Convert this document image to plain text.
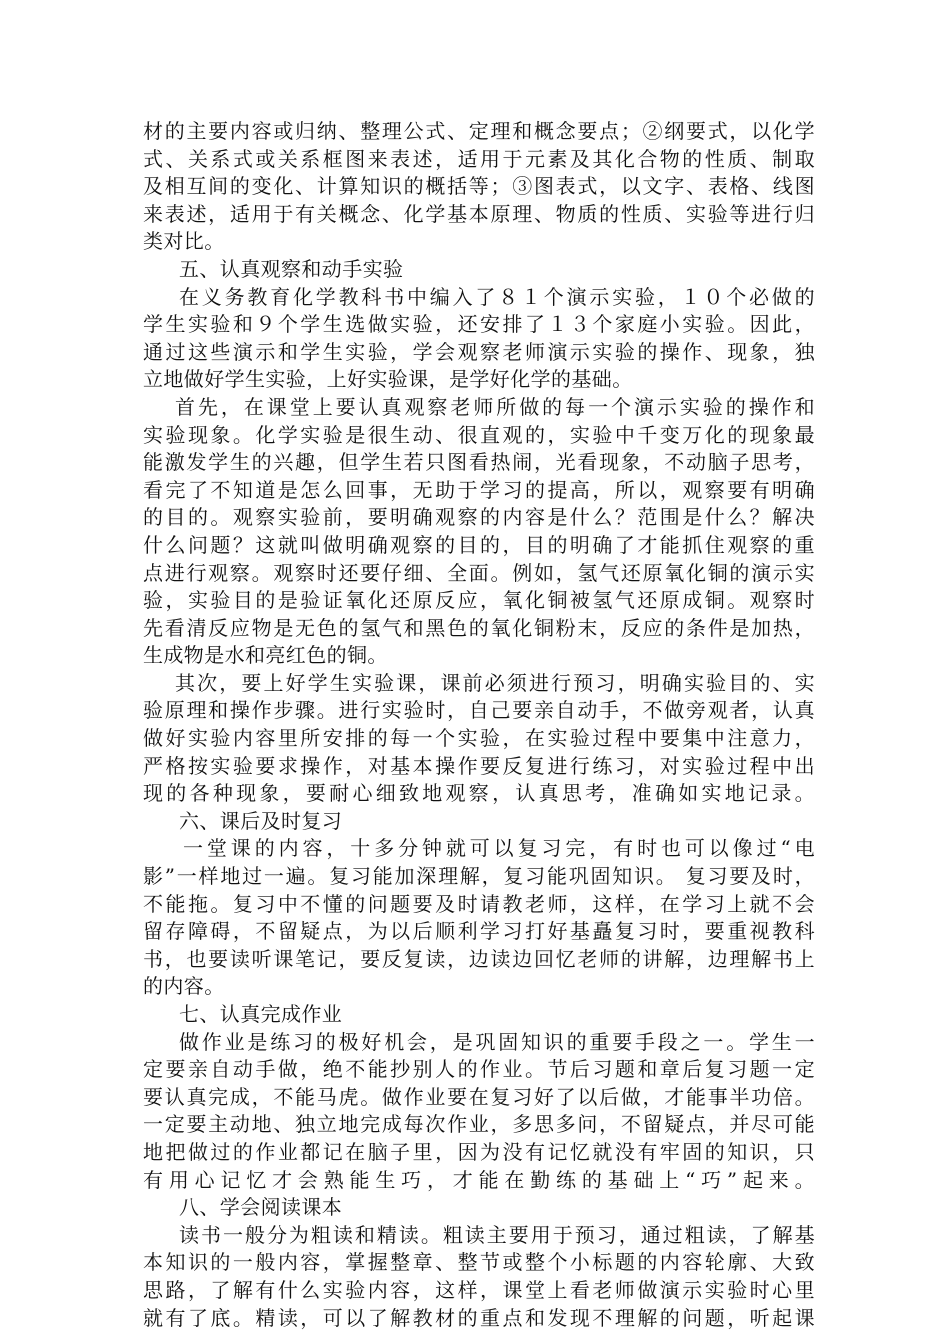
材的主要内容或归纳、整理公式、定理和概念要点；②纲要式，以化学
式、关系式或关系框图来表述，适用于元素及其化合物的性质、制取
及相互间的变化、计算知识的概括等；③图表式，以文字、表格、线图
来表述，适用于有关概念、化学基本原理、物质的性质、实验等进行归
类对比。
五、认真观察和动手实验
在义务教育化学教科书中编入了８１个演示实验，１０个必做的
学生实验和９个学生选做实验，还安排了１３个家庭小实验。因此，
通过这些演示和学生实验，学会观察老师演示实验的操作、现象，独
立地做好学生实验，上好实验课，是学好化学的基础。
首先，在课堂上要认真观察老师所做的每一个演示实验的操作和
实验现象。化学实验是很生动、很直观的，实验中千变万化的现象最
能激发学生的兴趣，但学生若只图看热闹，光看现象，不动脑子思考，
看完了不知道是怎么回事，无助于学习的提高，所以，观察要有明确
的目的。观察实验前，要明确观察的内容是什么？范围是什么？解决
什么问题？这就叫做明确观察的目的，目的明确了才能抓住观察的重
点进行观察。观察时还要仔细、全面。例如，氢气还原氧化铜的演示实
验，实验目的是验证氧化还原反应，氧化铜被氢气还原成铜。观察时
先看清反应物是无色的氢气和黑色的氧化铜粉末，反应的条件是加热，
生成物是水和亮红色的铜。
其次，要上好学生实验课，课前必须进行预习，明确实验目的、实
验原理和操作步骤。进行实验时，自己要亲自动手，不做旁观者，认真
做好实验内容里所安排的每一个实验，在实验过程中要集中注意力，
严格按实验要求操作，对基本操作要反复进行练习，对实验过程中出
现的各种现象，要耐心细致地观察，认真思考，准确如实地记录。
六、课后及时复习
一堂课的内容，十多分钟就可以复习完，有时也可以像过“电
影”一样地过一遍。复习能加深理解，复习能巩固知识。 复习要及时，
不能拖。复习中不懂的问题要及时请教老师，这样，在学习上就不会
留存障碍，不留疑点，为以后顺利学习打好基矗复习时，要重视教科
书，也要读听课笔记，要反复读，边读边回忆老师的讲解，边理解书上
的内容。
七、认真完成作业
做作业是练习的极好机会，是巩固知识的重要手段之一。学生一
定要亲自动手做，绝不能抄别人的作业。节后习题和章后复习题一定
要认真完成，不能马虎。做作业要在复习好了以后做，才能事半功倍。
一定要主动地、独立地完成每次作业，多思多问，不留疑点，并尽可能
地把做过的作业都记在脑子里，因为没有记忆就没有牢固的知识，只
有用心记忆才会熟能生巧，才能在勤练的基础上“巧”起来。
八、学会阅读课本
读书一般分为粗读和精读。粗读主要用于预习，通过粗读，了解基
本知识的一般内容，掌握整章、整节或整个小标题的内容轮廓、大致
思路，了解有什么实验内容，这样，课堂上看老师做演示实验时心里
就有了底。精读，可以了解教材的重点和发现不理解的问题，听起课
